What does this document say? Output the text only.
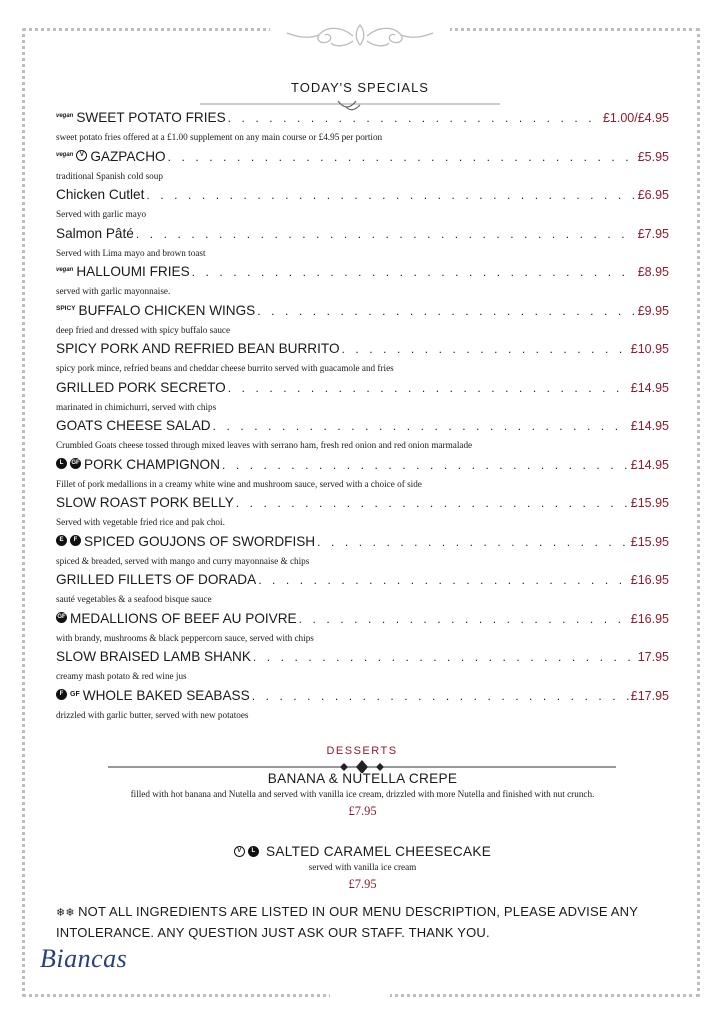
TODAY'S SPECIALS
vegan SWEET POTATO FRIES . . .	£1.00/£4.95
sweet potato fries offered at a £1.00 supplement on any main course or £4.95 per portion
vegan V GAZPACHO . . .	£5.95
traditional Spanish cold soup
Chicken Cutlet . . .	£6.95
Served with garlic mayo
Salmon Pâté . . .	£7.95
Served with Lima mayo and brown toast
vegan HALLOUMI FRIES . . .	£8.95
served with garlic mayonnaise.
SPICY BUFFALO CHICKEN WINGS . . .	£9.95
deep fried and dressed with spicy buffalo sauce
SPICY PORK AND REFRIED BEAN BURRITO . . .	£10.95
spicy pork mince, refried beans and cheddar cheese burrito served with guacamole and fries
GRILLED PORK SECRETO . . .	£14.95
marinated in chimichurri, served with chips
GOATS CHEESE SALAD . . .	£14.95
Crumbled Goats cheese tossed through mixed leaves with serrano ham, fresh red onion and red onion marmalade
L GF PORK CHAMPIGNON . . .	£14.95
Fillet of pork medallions in a creamy white wine and mushroom sauce, served with a choice of side
SLOW ROAST PORK BELLY . . .	£15.95
Served with vegetable fried rice and pak choi.
E F SPICED GOUJONS OF SWORDFISH . . .	£15.95
spiced & breaded, served with mango and curry mayonnaise & chips
GRILLED FILLETS OF DORADA . . .	£16.95
sauté vegetables & a seafood bisque sauce
GF MEDALLIONS OF BEEF AU POIVRE . . .	£16.95
with brandy, mushrooms & black peppercorn sauce, served with chips
SLOW BRAISED LAMB SHANK . . .	17.95
creamy mash potato & red wine jus
F GF WHOLE BAKED SEABASS . . .	£17.95
drizzled with garlic butter, served with new potatoes
DESSERTS
BANANA & NUTELLA CREPE
filled with hot banana and Nutella and served with vanilla ice cream, drizzled with more Nutella and finished with nut crunch.
£7.95
V L SALTED CARAMEL CHEESECAKE
served with vanilla ice cream
£7.95
❄❄ NOT ALL INGREDIENTS ARE LISTED IN OUR MENU DESCRIPTION, PLEASE ADVISE ANY INTOLERANCE. ANY QUESTION JUST ASK OUR STAFF. THANK YOU.
Biancas
